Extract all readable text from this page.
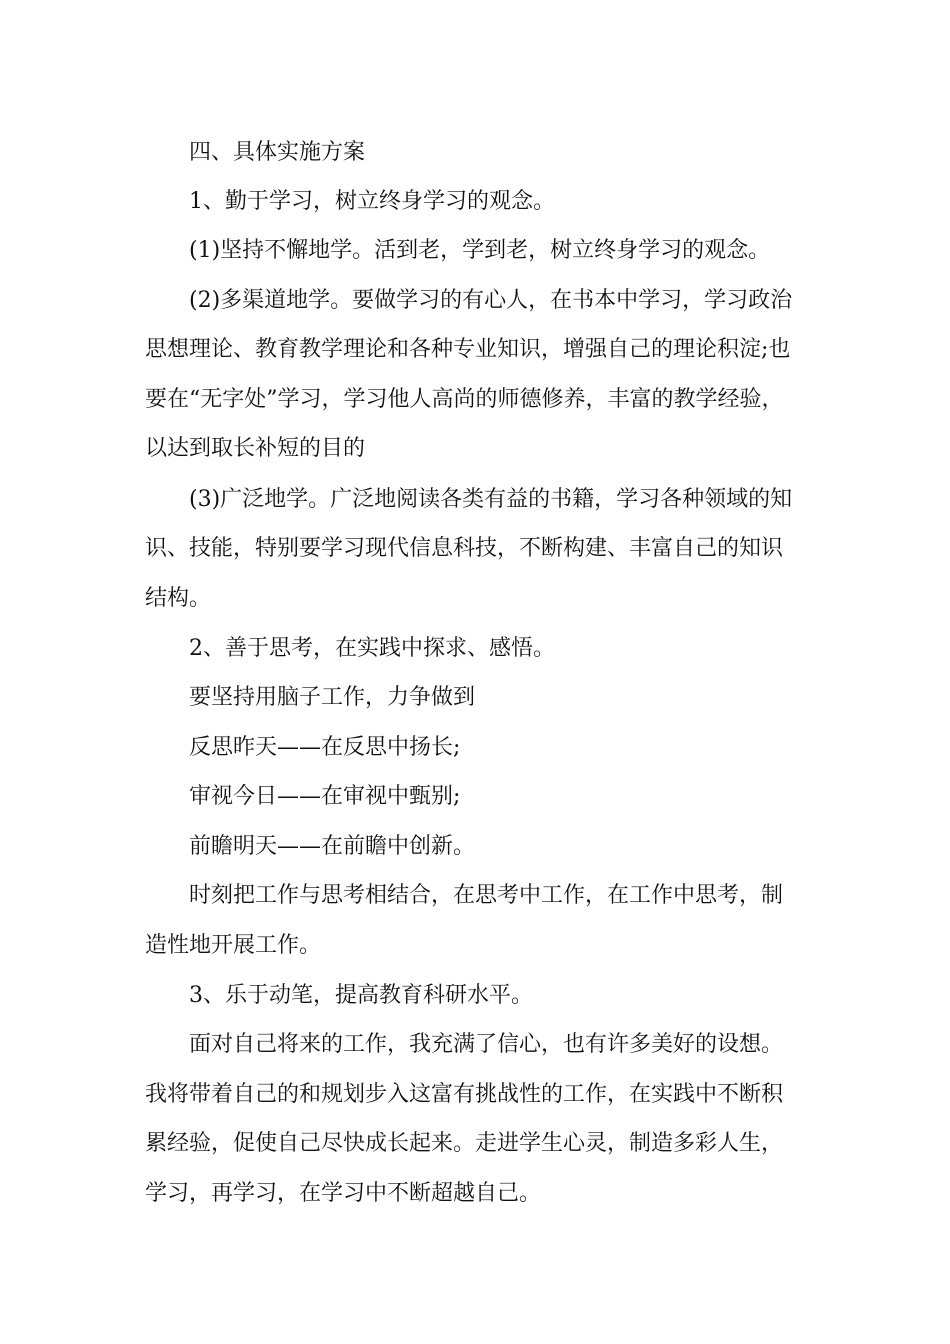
四、具体实施方案
1、勤于学习，树立终身学习的观念。
(1)坚持不懈地学。活到老，学到老，树立终身学习的观念。
(2)多渠道地学。要做学习的有心人，在书本中学习，学习政治
思想理论、教育教学理论和各种专业知识，增强自己的理论积淀;也
要在“无字处”学习，学习他人高尚的师德修养，丰富的教学经验，
以达到取长补短的目的
(3)广泛地学。广泛地阅读各类有益的书籍，学习各种领域的知
识、技能，特别要学习现代信息科技，不断构建、丰富自己的知识
结构。
2、善于思考，在实践中探求、感悟。
要坚持用脑子工作，力争做到
反思昨天——在反思中扬长;
审视今日——在审视中甄别;
前瞻明天——在前瞻中创新。
时刻把工作与思考相结合，在思考中工作，在工作中思考，制
造性地开展工作。
3、乐于动笔，提高教育科研水平。
面对自己将来的工作，我充满了信心，也有许多美好的设想。
我将带着自己的和规划步入这富有挑战性的工作，在实践中不断积
累经验，促使自己尽快成长起来。走进学生心灵，制造多彩人生，
学习，再学习，在学习中不断超越自己。
